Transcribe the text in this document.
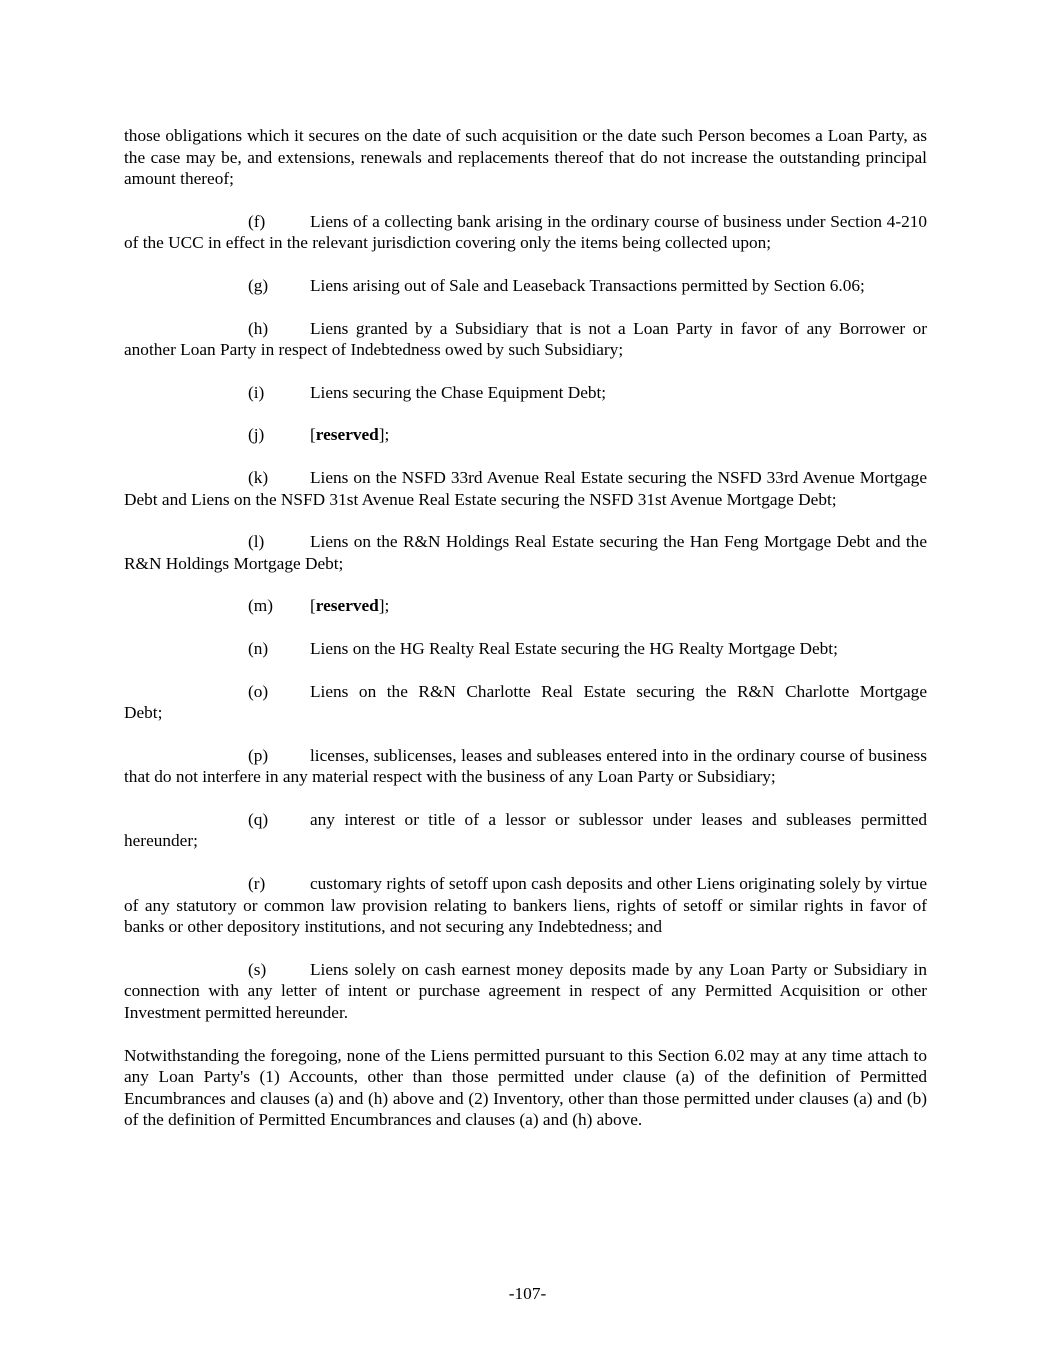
those obligations which it secures on the date of such acquisition or the date such Person becomes a Loan Party, as the case may be, and extensions, renewals and replacements thereof that do not increase the outstanding principal amount thereof;

(f)	Liens of a collecting bank arising in the ordinary course of business under Section 4-210 of the UCC in effect in the relevant jurisdiction covering only the items being collected upon;

(g) Liens arising out of Sale and Leaseback Transactions permitted by Section 6.06;

(h) Liens granted by a Subsidiary that is not a Loan Party in favor of any Borrower or another Loan Party in respect of Indebtedness owed by such Subsidiary;

(i)	Liens securing the Chase Equipment Debt;

(j)	[reserved];

(k) Liens on the NSFD 33rd Avenue Real Estate securing the NSFD 33rd Avenue Mortgage Debt and Liens on the NSFD 31st Avenue Real Estate securing the NSFD 31st Avenue Mortgage Debt;

(l)	Liens on the R&N Holdings Real Estate securing the Han Feng Mortgage Debt and the R&N Holdings Mortgage Debt;

(m) [reserved];

(n) Liens on the HG Realty Real Estate securing the HG Realty Mortgage Debt;

(o) Liens on the R&N Charlotte Real Estate securing the R&N Charlotte Mortgage

Debt;

(p) licenses, sublicenses, leases and subleases entered into in the ordinary course of business that do not interfere in any material respect with the business of any Loan Party or Subsidiary;

(q) any interest or title of a lessor or sublessor under leases and subleases permitted

hereunder;

(r)	customary rights of setoff upon cash deposits and other Liens originating solely by virtue of any statutory or common law provision relating to bankers liens, rights of setoff or similar rights in favor of banks or other depository institutions, and not securing any Indebtedness; and

(s)	Liens solely on cash earnest money deposits made by any Loan Party or Subsidiary in connection with any letter of intent or purchase agreement in respect of any Permitted Acquisition or other Investment permitted hereunder.

Notwithstanding the foregoing, none of the Liens permitted pursuant to this Section 6.02 may at any time attach to any Loan Party's (1) Accounts, other than those permitted under clause (a) of the definition of Permitted Encumbrances and clauses (a) and (h) above and (2) Inventory, other than those permitted under clauses (a) and (b) of the definition of Permitted Encumbrances and clauses (a) and (h) above.

-107-
